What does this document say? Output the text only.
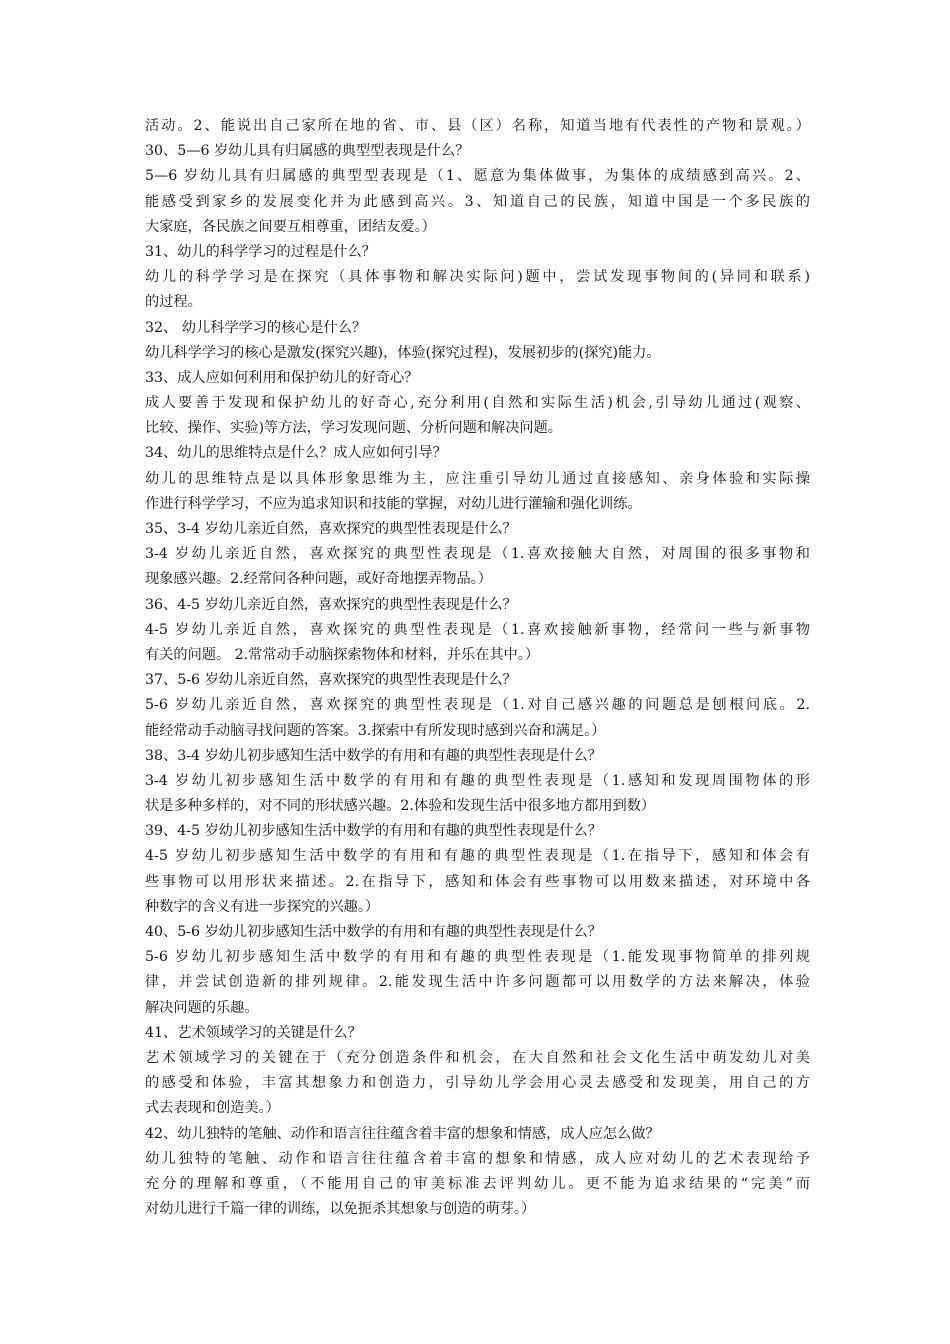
活动。2、能说出自己家所在地的省、市、县（区）名称，知道当地有代表性的产物和景观。）
30、5—6 岁幼儿具有归属感的典型型表现是什么？
5—6 岁幼儿具有归属感的典型型表现是（1、愿意为集体做事，为集体的成绩感到高兴。2、
能感受到家乡的发展变化并为此感到高兴。3、知道自己的民族，知道中国是一个多民族的
大家庭，各民族之间要互相尊重，团结友爱。）
31、幼儿的科学学习的过程是什么？
幼儿的科学学习是在探究（具体事物和解决实际问)题中，尝试发现事物间的(异同和联系)
的过程。
32、 幼儿科学学习的核心是什么？
幼儿科学学习的核心是激发(探究兴趣)，体验(探究过程)，发展初步的(探究)能力。
33、成人应如何利用和保护幼儿的好奇心？
成人要善于发现和保护幼儿的好奇心,充分利用(自然和实际生活)机会,引导幼儿通过(观察、
比较、操作、实验)等方法，学习发现问题、分析问题和解决问题。
34、幼儿的思维特点是什么？成人应如何引导？
幼儿的思维特点是以具体形象思维为主，应注重引导幼儿通过直接感知、亲身体验和实际操
作进行科学学习，不应为追求知识和技能的掌握，对幼儿进行灌输和强化训练。
35、3-4 岁幼儿亲近自然，喜欢探究的典型性表现是什么？
3-4 岁幼儿亲近自然，喜欢探究的典型性表现是（1.喜欢接触大自然，对周围的很多事物和
现象感兴趣。2.经常问各种问题，或好奇地摆弄物品。）
36、4-5 岁幼儿亲近自然，喜欢探究的典型性表现是什么？
4-5 岁幼儿亲近自然，喜欢探究的典型性表现是（1.喜欢接触新事物，经常问一些与新事物
有关的问题。 2.常常动手动脑探索物体和材料，并乐在其中。）
37、5-6 岁幼儿亲近自然，喜欢探究的典型性表现是什么？
5-6 岁幼儿亲近自然，喜欢探究的典型性表现是（1.对自己感兴趣的问题总是刨根问底。2.
能经常动手动脑寻找问题的答案。3.探索中有所发现时感到兴奋和满足。）
38、3-4 岁幼儿初步感知生活中数学的有用和有趣的典型性表现是什么？
3-4 岁幼儿初步感知生活中数学的有用和有趣的典型性表现是（1.感知和发现周围物体的形
状是多种多样的，对不同的形状感兴趣。2.体验和发现生活中很多地方都用到数）
39、4-5 岁幼儿初步感知生活中数学的有用和有趣的典型性表现是什么？
4-5 岁幼儿初步感知生活中数学的有用和有趣的典型性表现是（1.在指导下，感知和体会有
些事物可以用形状来描述。2.在指导下，感知和体会有些事物可以用数来描述，对环境中各
种数字的含义有进一步探究的兴趣。）
40、5-6 岁幼儿初步感知生活中数学的有用和有趣的典型性表现是什么？
5-6 岁幼儿初步感知生活中数学的有用和有趣的典型性表现是（1.能发现事物简单的排列规
律，并尝试创造新的排列规律。2.能发现生活中许多问题都可以用数学的方法来解决，体验
解决问题的乐趣。
41、艺术领域学习的关键是什么？
艺术领域学习的关键在于（充分创造条件和机会，在大自然和社会文化生活中萌发幼儿对美
的感受和体验，丰富其想象力和创造力，引导幼儿学会用心灵去感受和发现美，用自己的方
式去表现和创造美。）
42、幼儿独特的笔触、动作和语言往往蕴含着丰富的想象和情感，成人应怎么做？
幼儿独特的笔触、动作和语言往往蕴含着丰富的想象和情感，成人应对幼儿的艺术表现给予
充分的理解和尊重，（不能用自己的审美标准去评判幼儿。更不能为追求结果的“完美”而
对幼儿进行千篇一律的训练，以免扼杀其想象与创造的萌芽。）
